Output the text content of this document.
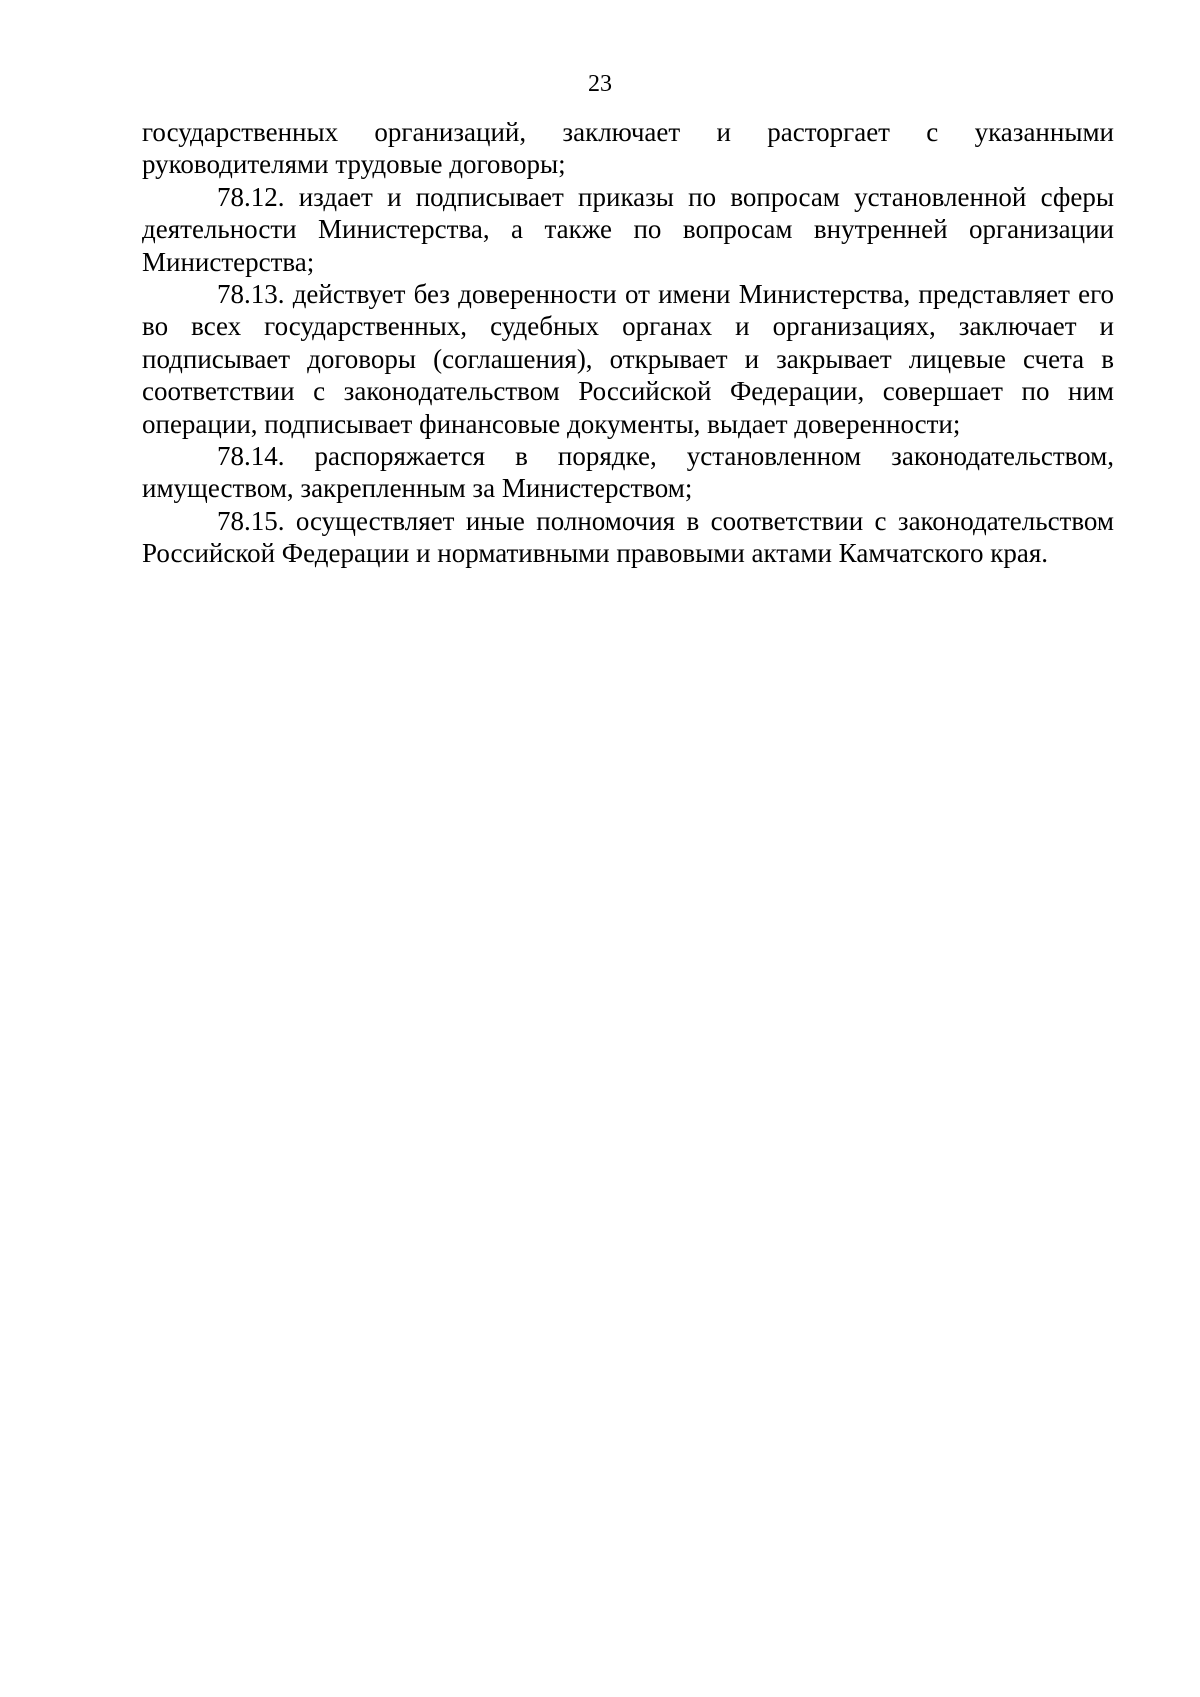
23

государственных организаций, заключает и расторгает с указанными руководителями трудовые договоры;

78.12. издает и подписывает приказы по вопросам установленной сферы деятельности Министерства, а также по вопросам внутренней организации Министерства;

78.13. действует без доверенности от имени Министерства, представляет его во всех государственных, судебных органах и организациях, заключает и подписывает договоры (соглашения), открывает и закрывает лицевые счета в соответствии с законодательством Российской Федерации, совершает по ним операции, подписывает финансовые документы, выдает доверенности;

78.14. распоряжается в порядке, установленном законодательством, имуществом, закрепленным за Министерством;

78.15. осуществляет иные полномочия в соответствии с законодательством Российской Федерации и нормативными правовыми актами Камчатского края.
